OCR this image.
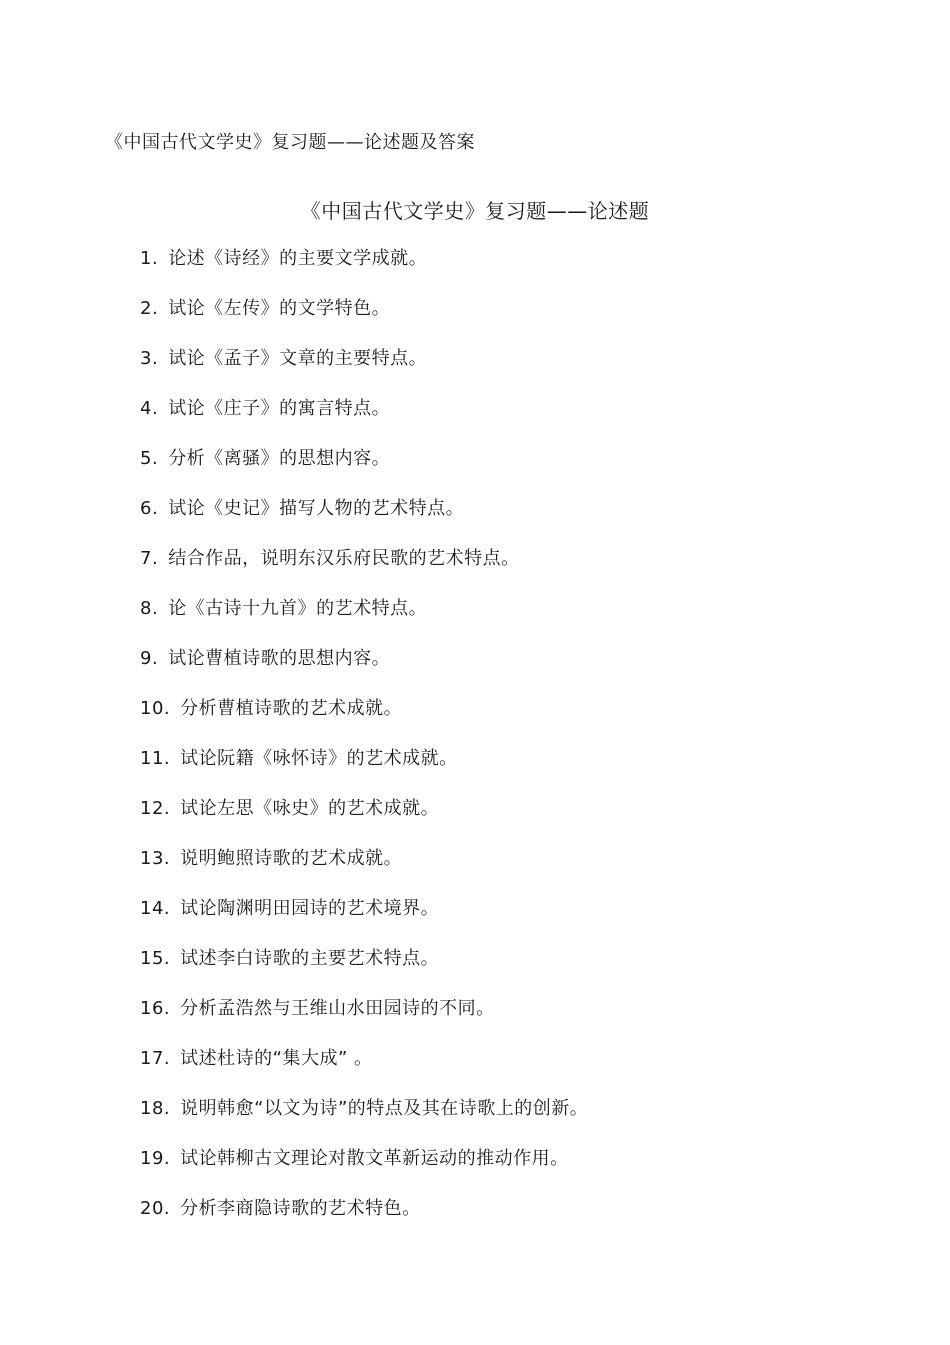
《中国古代文学史》复习题——论述题及答案
《中国古代文学史》复习题——论述题
1. 论述《诗经》的主要文学成就。
2. 试论《左传》的文学特色。
3. 试论《孟子》文章的主要特点。
4. 试论《庄子》的寓言特点。
5. 分析《离骚》的思想内容。
6. 试论《史记》描写人物的艺术特点。
7. 结合作品，说明东汉乐府民歌的艺术特点。
8. 论《古诗十九首》的艺术特点。
9. 试论曹植诗歌的思想内容。
10. 分析曹植诗歌的艺术成就。
11. 试论阮籍《咏怀诗》的艺术成就。
12. 试论左思《咏史》的艺术成就。
13. 说明鲍照诗歌的艺术成就。
14. 试论陶渊明田园诗的艺术境界。
15. 试述李白诗歌的主要艺术特点。
16. 分析孟浩然与王维山水田园诗的不同。
17. 试述杜诗的“集大成” 。
18. 说明韩愈“以文为诗”的特点及其在诗歌上的创新。
19. 试论韩柳古文理论对散文革新运动的推动作用。
20. 分析李商隐诗歌的艺术特色。
